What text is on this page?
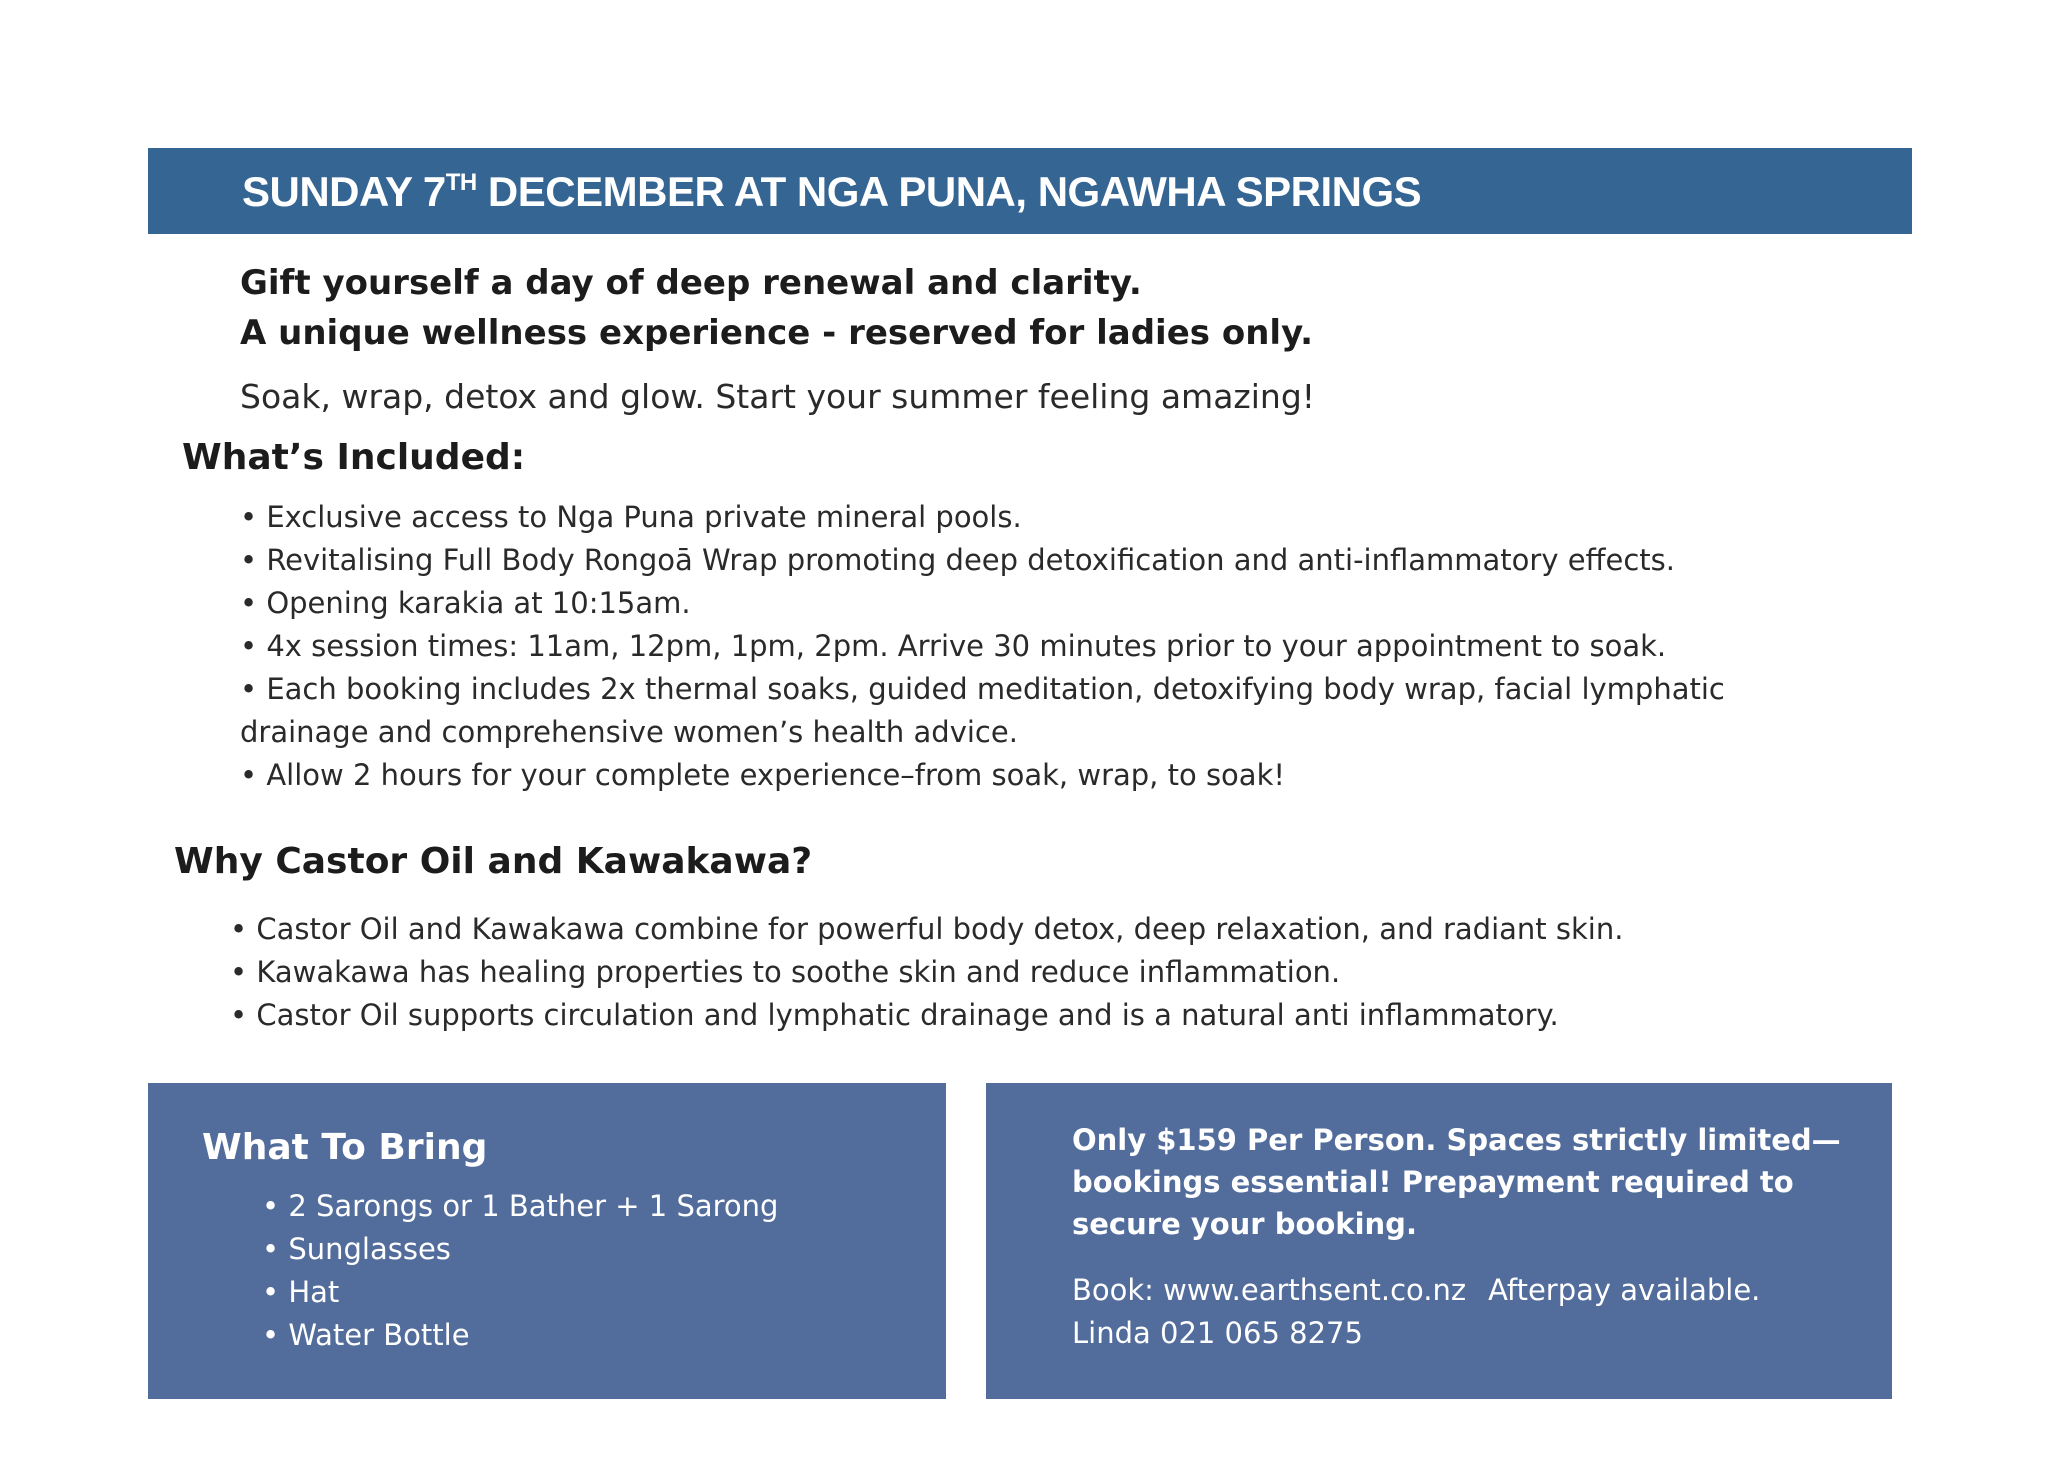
SUNDAY 7TH DECEMBER AT NGA PUNA, NGAWHA SPRINGS
Gift yourself a day of deep renewal and clarity.
A unique wellness experience - reserved for ladies only.
Soak, wrap, detox and glow. Start your summer feeling amazing!
What’s Included:
• Exclusive access to Nga Puna private mineral pools.
• Revitalising Full Body Rongoā Wrap promoting deep detoxification and anti-inflammatory effects.
• Opening karakia at 10:15am.
• 4x session times: 11am, 12pm, 1pm, 2pm. Arrive 30 minutes prior to your appointment to soak.
• Each booking includes 2x thermal soaks, guided meditation, detoxifying body wrap, facial lymphatic drainage and comprehensive women’s health advice.
• Allow 2 hours for your complete experience–from soak, wrap, to soak!
Why Castor Oil and Kawakawa?
• Castor Oil and Kawakawa combine for powerful body detox, deep relaxation, and radiant skin.
• Kawakawa has healing properties to soothe skin and reduce inflammation.
• Castor Oil supports circulation and lymphatic drainage and is a natural anti inflammatory.
What To Bring
• 2 Sarongs or 1 Bather + 1 Sarong
• Sunglasses
• Hat
• Water Bottle
Only $159 Per Person. Spaces strictly limited—bookings essential! Prepayment required to secure your booking.
Book: www.earthsent.co.nz Afterpay available.
Linda 021 065 8275
